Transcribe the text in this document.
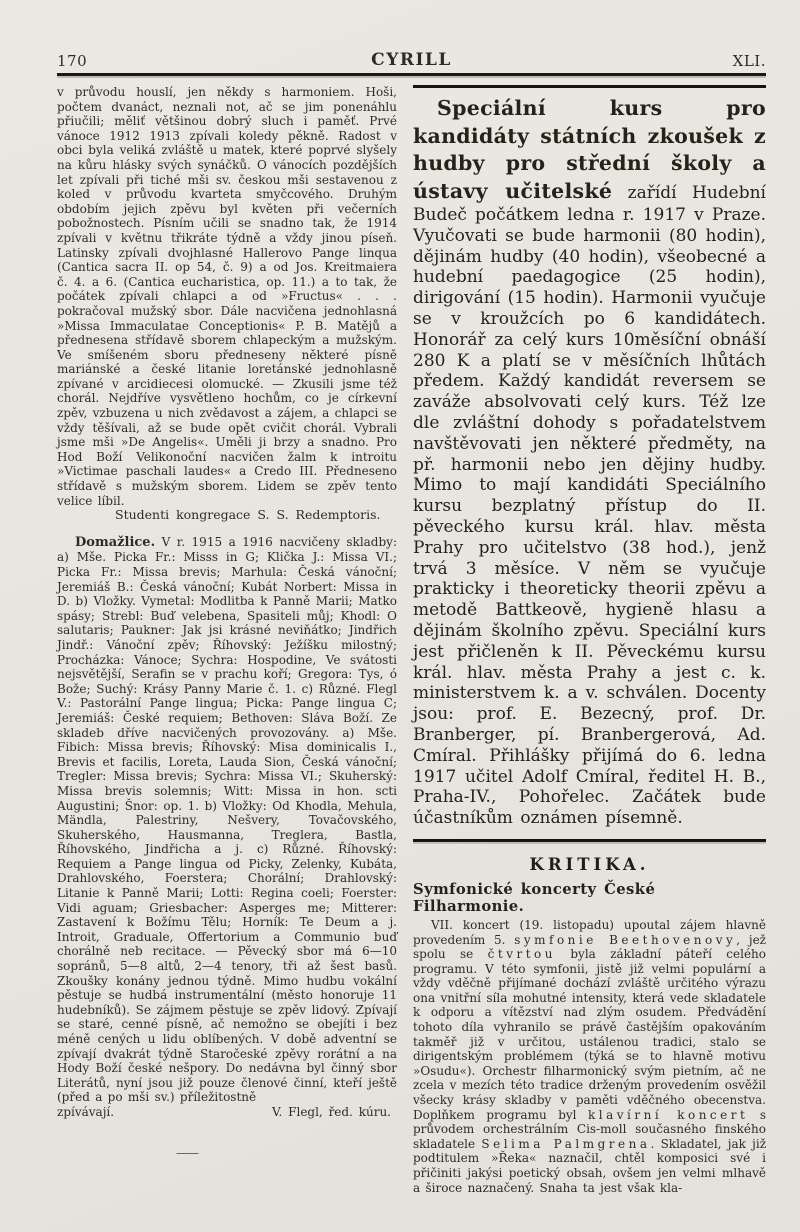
170	CYRILL	XLI.

v průvodu houslí, jen někdy s harmoniem. Hoši, počtem dvanáct, neznali not, ač se jim ponenáhlu přiučili; měliť většinou dobrý sluch i paměť. Prvé vánoce 1912 1913 zpívali koledy pěkně. Radost v obci byla veliká zvláště u matek, které poprvé slyšely na kůru hlásky svých synáčků. O vánocích pozdějších let zpívali při tiché mši sv. českou mši sestavenou z koled v průvodu kvarteta smyčcového. Druhým obdobím jejich zpěvu byl květen při večerních pobožnostech. Písním učili se snadno tak, že 1914 zpívali v květnu třikráte týdně a vždy jinou píseň. Latinsky zpívali dvojhlasné Hallerovo Pange linqua (Cantica sacra II. op 54, č. 9) a od Jos. Kreitmaiera č. 4. a 6. (Cantica eucharistica, op. 11.) a to tak, že počátek zpívali chlapci a od »Fructus« . . . pokračoval mužský sbor. Dále nacvičena jednohlasná »Missa Immaculatae Conceptionis« P. B. Matějů a přednesena střídavě sborem chlapeckým a mužským. Ve smíšeném sboru předneseny některé písně mariánské a české litanie loretánské jednohlasně zpívané v arcidiecesi olomucké. — Zkusili jsme též chorál. Nejdříve vysvětleno hochům, co je církevní zpěv, vzbuzena u nich zvědavost a zájem, a chlapci se vždy těšívali, až se bude opět cvičit chorál. Vybrali jsme mši »De Angelis«. Uměli ji brzy a snadno. Pro Hod Boží Velikonoční nacvičen žalm k introitu »Victimae paschali laudes« a Credo III. Předneseno střídavě s mužským sborem. Lidem se zpěv tento velice líbil.

Studenti kongregace S. S. Redemptoris.

Domažlice. V r. 1915 a 1916 nacvičeny skladby: a) Mše. Picka Fr.: Misss in G; Klička J.: Missa VI.; Picka Fr.: Missa brevis; Marhula: Česká vánoční; Jeremiáš B.: Česká vánoční; Kubát Norbert: Missa in D. b) Vložky. Vymetal: Modlitba k Panně Marii; Matko spásy; Strebl: Buď velebena, Spasiteli můj; Khodl: O salutaris; Paukner: Jak jsi krásné neviňátko; Jindřich Jindř.: Vánoční zpěv; Říhovský: Ježíšku milostný; Procházka: Vánoce; Sychra: Hospodine, Ve svátosti nejsvětější, Serafin se v prachu koří; Gregora: Tys, ó Bože; Suchý: Krásy Panny Marie č. 1. c) Různé. Flegl V.: Pastorální Pange lingua; Picka: Pange lingua C; Jeremiáš: České requiem; Bethoven: Sláva Boží. Ze skladeb dříve nacvičených provozovány. a) Mše. Fibich: Missa brevis; Říhovský: Misa dominicalis I., Brevis et facilis, Loreta, Lauda Sion, Česká vánoční; Tregler: Missa brevis; Sychra: Missa VI.; Skuherský: Missa brevis solemnis; Witt: Missa in hon. scti Augustini; Šnor: op. 1. b) Vložky: Od Khodla, Mehula, Mändla, Palestriny, Nešvery, Tovačovského, Skuherského, Hausmanna, Treglera, Bastla, Říhovského, Jindřicha a j. c) Různé. Říhovský: Requiem a Pange lingua od Picky, Zelenky, Kubáta, Drahlovského, Foerstera; Chorální; Drahlovský: Litanie k Panně Marii; Lotti: Regina coeli; Foerster: Vidi aguam; Griesbacher: Asperges me; Mitterer: Zastavení k Božímu Tělu; Horník: Te Deum a j. Introit, Graduale, Offertorium a Communio buď chorálně neb recitace. — Pěvecký sbor má 6—10 sopránů, 5—8 altů, 2—4 tenory, tři až šest basů. Zkoušky konány jednou týdně. Mimo hudbu vokální pěstuje se hudbá instrumentální (město honoruje 11 hudebníků). Se zájmem pěstuje se zpěv lidový. Zpívají se staré, cenné písně, ač nemožno se obejíti i bez méně cených u lidu oblíbených. V době adventní se zpívají dvakrát týdně Staročeské zpěvy rorátní a na Hody Boží české nešpory. Do nedávna byl činný sbor Literátů, nyní jsou již pouze členové činní, kteří ještě (před a po mši sv.) příležitostně

zpívávají.	V. Flegl, řed. kúru.
——

Speciální kurs pro kandidáty státních zkoušek z hudby pro střední školy a ústavy učitelské zařídí Hudební Budeč počátkem ledna r. 1917 v Praze. Vyučovati se bude harmonii (80 hodin), dějinám hudby (40 hodin), všeobecné a hudební paedagogice (25 hodin), dirigování (15 hodin). Harmonii vyučuje se v kroužcích po 6 kandidátech. Honorář za celý kurs 10měsíční obnáší 280 K a platí se v měsíčních lhůtách předem. Každý kandidát reversem se zaváže absolvovati celý kurs. Též lze dle zvláštní dohody s pořadatelstvem navštěvovati jen některé předměty, na př. harmonii nebo jen dějiny hudby. Mimo to mají kandidáti Speciálního kursu bezplatný přístup do II. pěveckého kursu král. hlav. města Prahy pro učitelstvo (38 hod.), jenž trvá 3 měsíce. V něm se vyučuje prakticky i theoreticky theorii zpěvu a metodě Battkeově, hygieně hlasu a dějinám školního zpěvu. Speciální kurs jest přičleněn k II. Pěveckému kursu král. hlav. města Prahy a jest c. k. ministerstvem k. a v. schválen. Docenty jsou: prof. E. Bezecný, prof. Dr. Branberger, pí. Branbergerová, Ad. Cmíral. Přihlášky přijímá do 6. ledna 1917 učitel Adolf Cmíral, ředitel H. B., Praha-IV., Pohořelec. Začátek bude účastníkům oznámen písemně.

KRITIKA.
Symfonické koncerty České Filharmonie.

VII. koncert (19. listopadu) upoutal zájem hlavně provedením 5. symfonie Beethovenovy, jež spolu se čtvrtou byla základní páteří celého programu. V této symfonii, jistě již velmi populární a vždy vděčně přijímané dochází zvláště určitého výrazu ona vnitřní síla mohutné intensity, která vede skladatele k odporu a vítězství nad zlým osudem. Předvádění tohoto díla vyhranilo se právě častějším opakováním takměř již v určitou, ustálenou tradici, stalo se dirigentským problémem (týká se to hlavně motivu »Osudu«). Orchestr filharmonický svým pietním, ač ne zcela v mezích této tradice drženým provedením osvěžil všecky krásy skladby v paměti vděčného obecenstva. Doplňkem programu byl klavírní koncert s průvodem orchestrálním Cis-moll současného finského skladatele Selima Palmgrena. Skladatel, jak již podtitulem »Řeka« naznačil, chtěl komposici své i přičiniti jakýsi poetický obsah, ovšem jen velmi mlhavě a široce naznačený. Snaha ta jest však kla-
